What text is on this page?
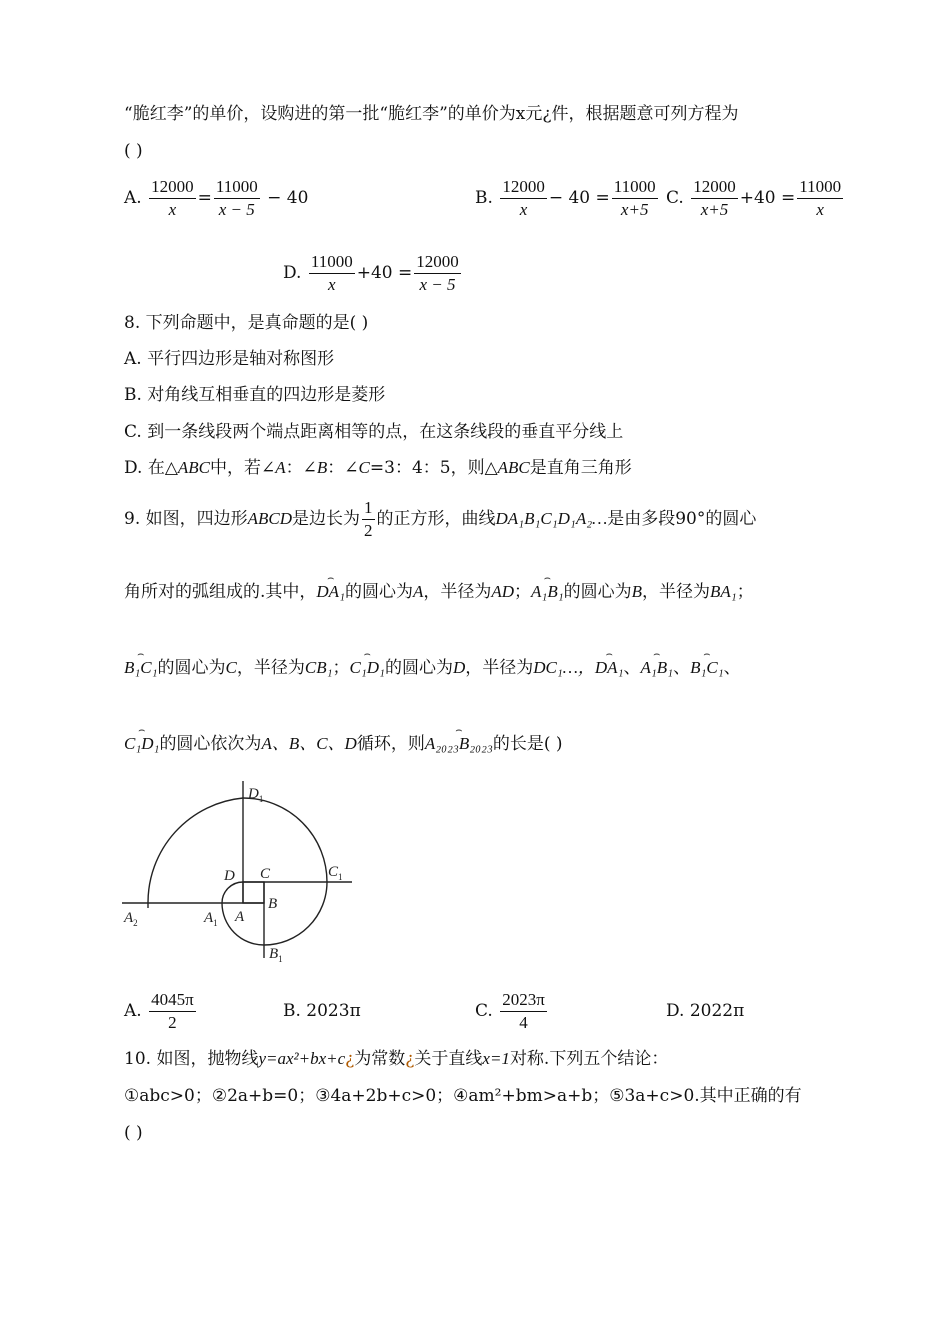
“脆红李”的单价，设购进的第一批“脆红李”的单价为x元¿件，根据题意可列方程为
( )
A. $\frac{12000}{x} = \frac{11000}{x - 5} - 40$	B. $\frac{12000}{x} - 40 = \frac{11000}{x+5} C$. $\frac{12000}{x+5} +40 = \frac{11000}{x}$
D. $\frac{11000}{x} +40 = \frac{12000}{x - 5}$
8. 下列命题中，是真命题的是( )
A. 平行四边形是轴对称图形
B. 对角线互相垂直的四边形是菱形
C. 到一条线段两个端点距离相等的点，在这条线段的垂直平分线上
D. 在△ABC中，若∠A：∠B：∠C=3：4：5，则△ABC是直角三角形
9. 如图，四边形ABCD是边长为 $\frac{1}{2}$ 的正方形，曲线DA₁B₁C₁D₁A₂…是由多段90°的圆心
角所对的弧组成的.其中，⌢ DA₁的圆心为A，半径为AD；⌢ A₁B₁的圆心为B，半径为BA₁；
⌢ B₁C₁的圆心为C，半径为CB₁；⌢ C₁D₁的圆心为D，半径为DC₁…，⌢ DA₁、⌢ A₁B₁、⌢ B₁C₁、
⌢ C₁D₁的圆心依次为A、B、C、D循环，则⌢ A₂₀₂₃B₂₀₂₃的长是( )
$D_1$
$C_1$
$A_2$	$A_1$
D C
A
B
$B_1$
A. $\frac{4045\pi}{2}$	B. 2023π	C. $\frac{2023\pi}{4}$	D. 2022π
10. 如图，抛物线y=ax²+bx+c¿为常数¿关于直线x=1对称.下列五个结论：
①abc>0；②2a+b=0；③4a+2b+c>0；④am²+bm>a+b；⑤3a+c>0.其中正确的有
( )
